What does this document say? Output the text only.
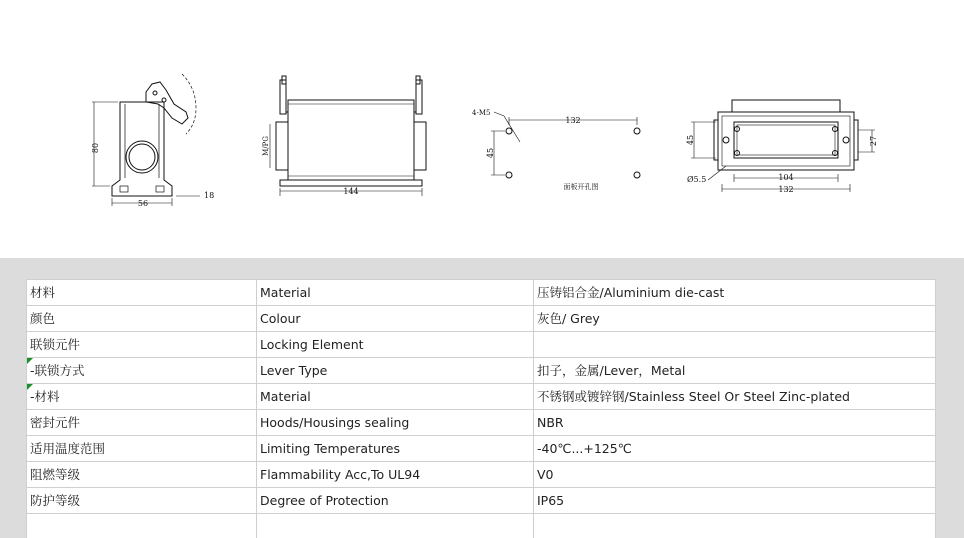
80
56
18
M/PG
144
4-M5
132
45
面板开孔图
45
Ø5.5
27
104
132
材料	Material	压铸铝合金/Aluminium die-cast
颜色	Colour	灰色/ Grey
联锁元件	Locking Element	

-联锁方式	Lever Type	扣子，金属/Lever，Metal

-材料	Material	不锈钢或镀锌钢/Stainless Steel Or Steel Zinc-plated
密封元件	Hoods/Housings sealing	NBR
适用温度范围	Limiting Temperatures	-40℃...+125℃
阻燃等级	Flammability Acc,To UL94	V0
防护等级	Degree of Protection	IP65
